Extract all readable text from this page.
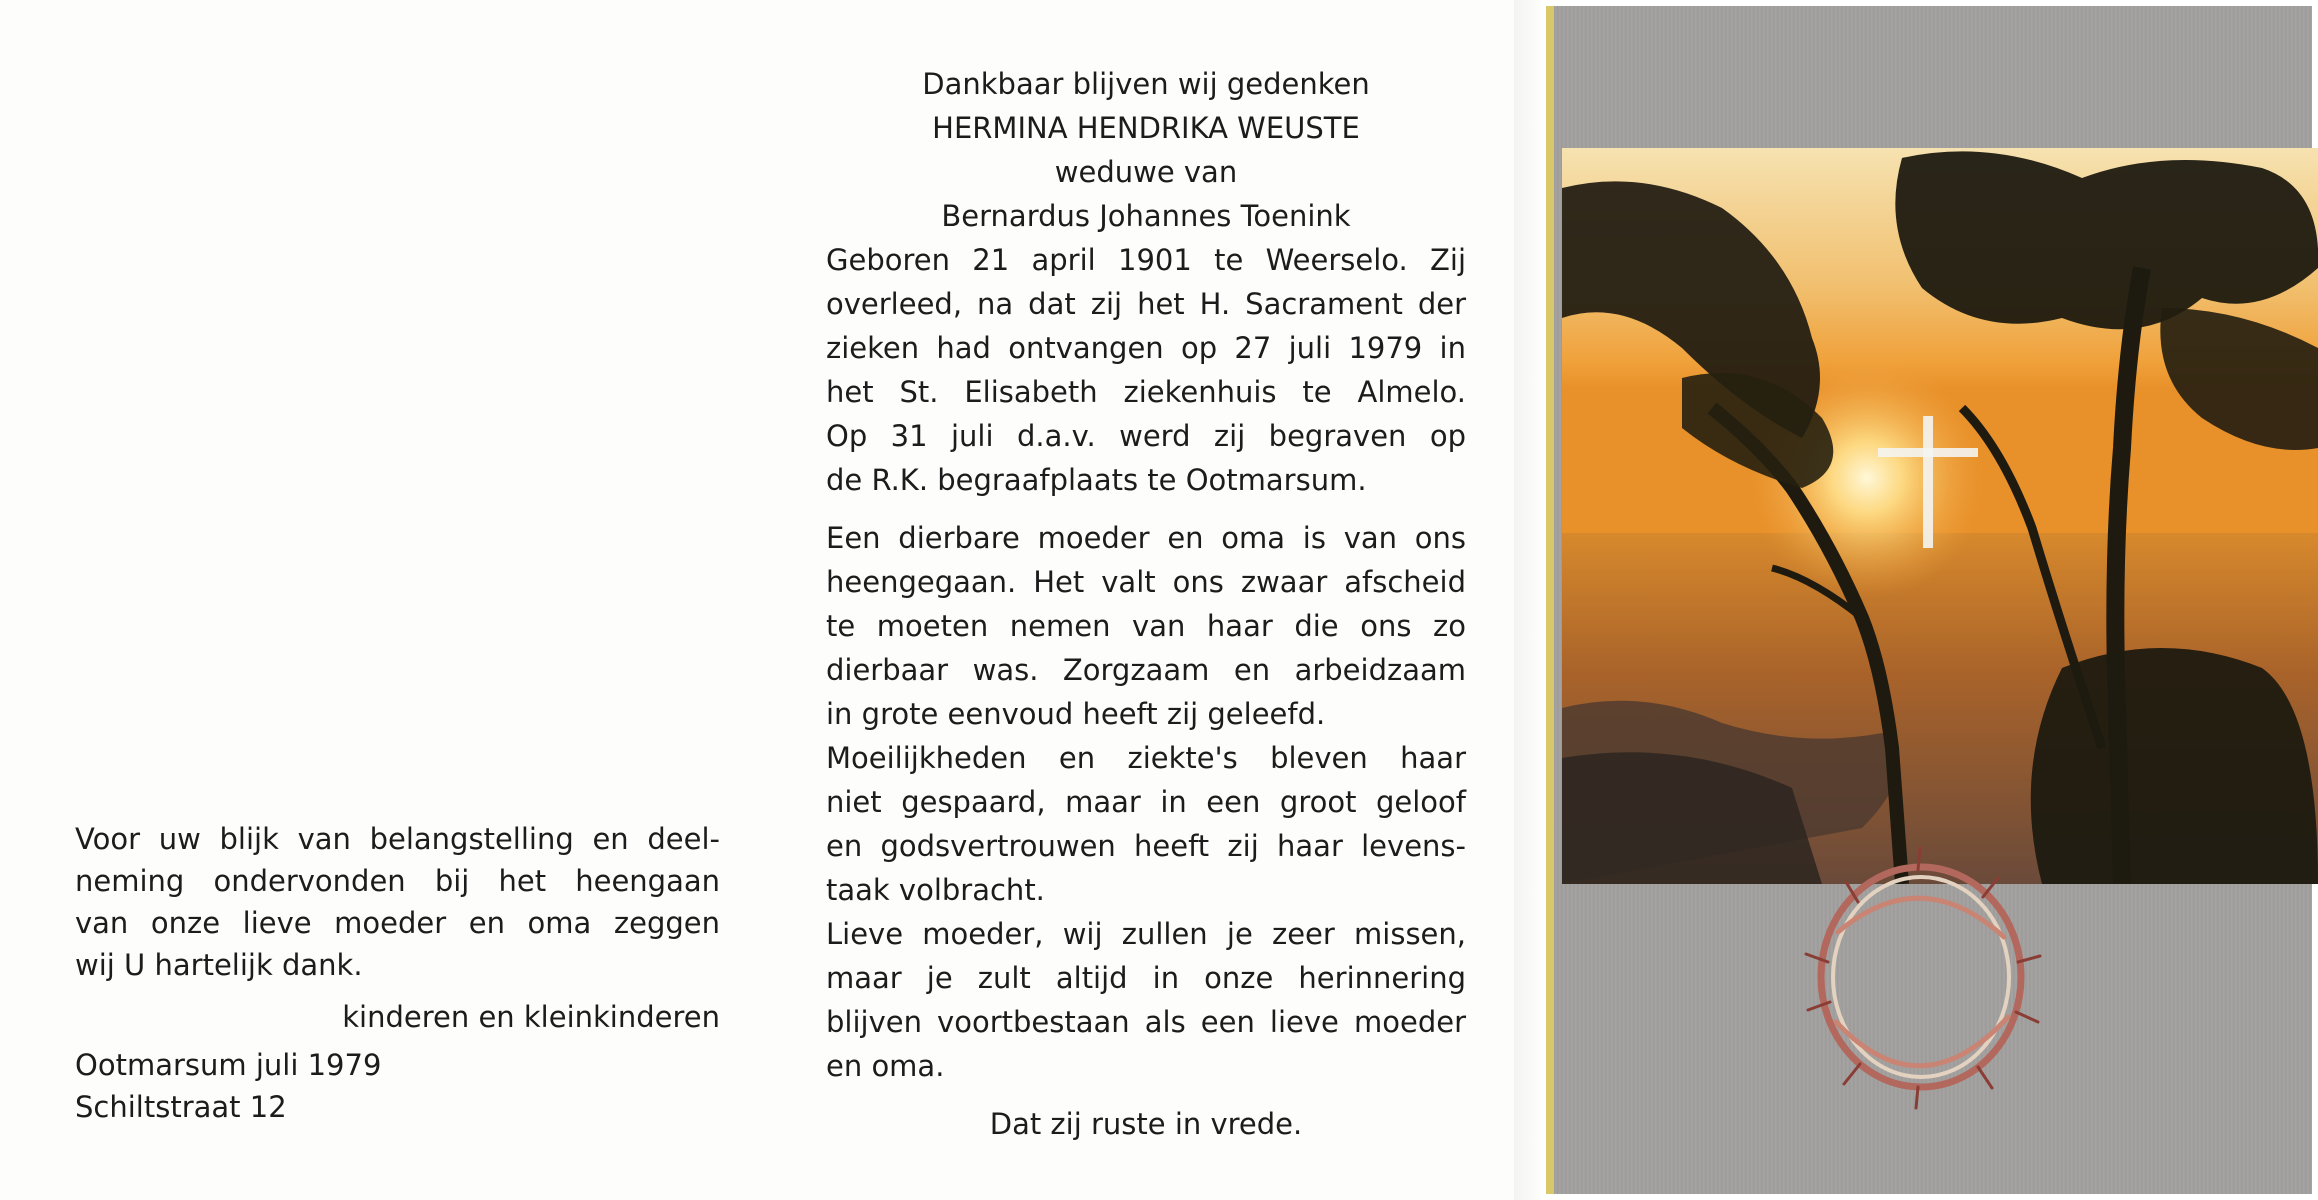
Voor uw blijk van belangstelling en deel-
neming ondervonden bij het heengaan
van onze lieve moeder en oma zeggen
wij U hartelijk dank.
kinderen en kleinkinderen
Ootmarsum juli 1979
Schiltstraat 12
Dankbaar blijven wij gedenken
HERMINA HENDRIKA WEUSTE
weduwe van
Bernardus Johannes Toenink
Geboren 21 april 1901 te Weerselo. Zij
overleed, na dat zij het H. Sacrament der
zieken had ontvangen op 27 juli 1979 in
het St. Elisabeth ziekenhuis te Almelo.
Op 31 juli d.a.v. werd zij begraven op
de R.K. begraafplaats te Ootmarsum.
Een dierbare moeder en oma is van ons
heengegaan. Het valt ons zwaar afscheid
te moeten nemen van haar die ons zo
dierbaar was. Zorgzaam en arbeidzaam
in grote eenvoud heeft zij geleefd.
Moeilijkheden en ziekte's bleven haar
niet gespaard, maar in een groot geloof
en godsvertrouwen heeft zij haar levens-
taak volbracht.
Lieve moeder, wij zullen je zeer missen,
maar je zult altijd in onze herinnering
blijven voortbestaan als een lieve moeder
en oma.
Dat zij ruste in vrede.
